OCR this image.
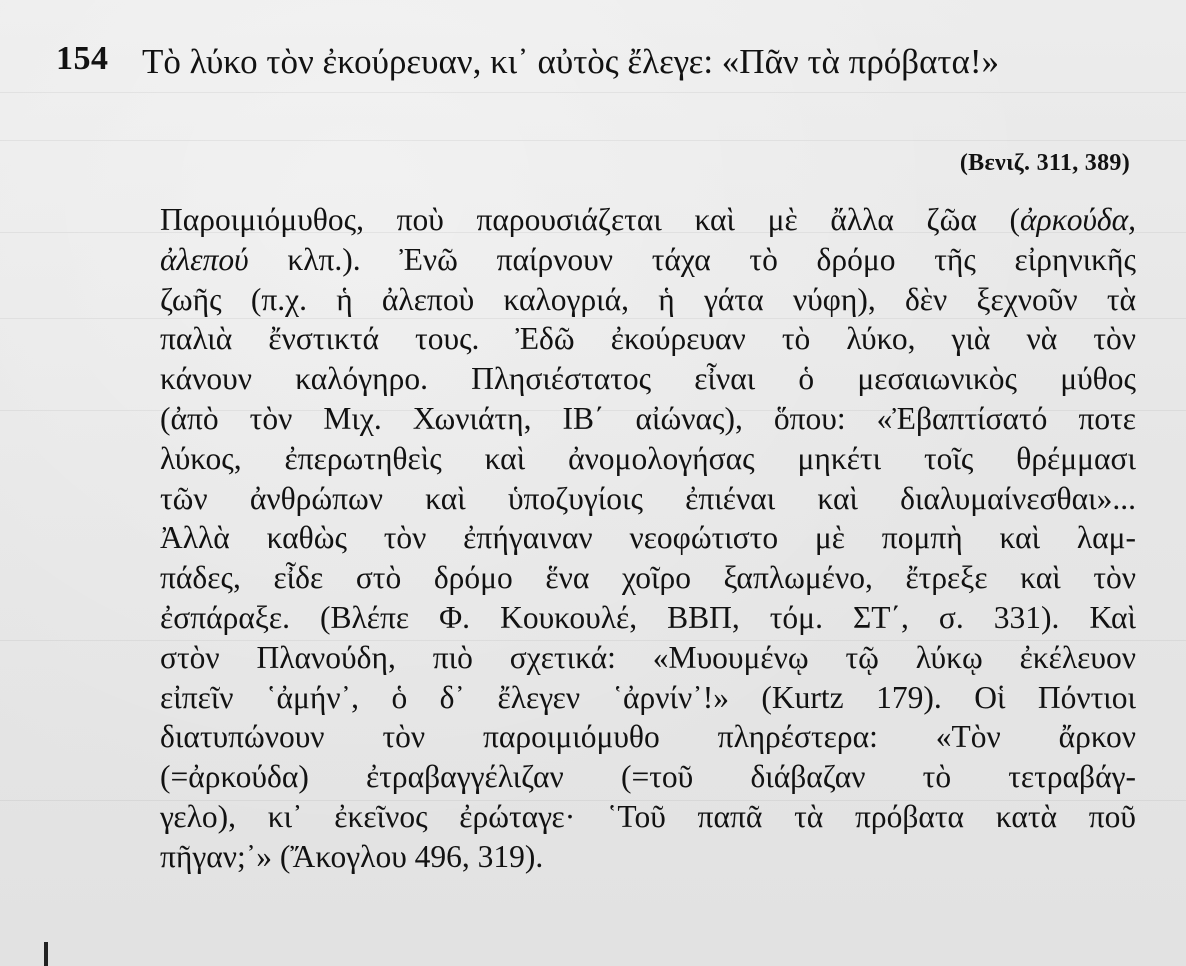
154 Τὸ λύκο τὸν ἐκούρευαν, κι᾽ αὐτὸς ἔλεγε: «Πᾶν τὰ πρόβατα!»
(Βενιζ. 311, 389)
Παροιμιόμυθος, ποὺ παρουσιάζεται καὶ μὲ ἄλλα ζῶα (ἀρκούδα,
ἀλεπού κλπ.). Ἐνῶ παίρνουν τάχα τὸ δρόμο τῆς εἰρηνικῆς
ζωῆς (π.χ. ἡ ἀλεποὺ καλογριά, ἡ γάτα νύφη), δὲν ξεχνοῦν τὰ
παλιὰ ἔνστικτά τους. Ἐδῶ ἐκούρευαν τὸ λύκο, γιὰ νὰ τὸν
κάνουν καλόγηρο. Πλησιέστατος εἶναι ὁ μεσαιωνικὸς μύθος
(ἀπὸ τὸν Μιχ. Χωνιάτη, ΙΒ΄ αἰώνας), ὅπου: «Ἐβαπτίσατό ποτε
λύκος, ἐπερωτηθεὶς καὶ ἀνομολογήσας μηκέτι τοῖς θρέμμασι
τῶν ἀνθρώπων καὶ ὑποζυγίοις ἐπιέναι καὶ διαλυμαίνεσθαι»...
Ἀλλὰ καθὼς τὸν ἐπήγαιναν νεοφώτιστο μὲ πομπὴ καὶ λαμ-
πάδες, εἶδε στὸ δρόμο ἕνα χοῖρο ξαπλωμένο, ἔτρεξε καὶ τὸν
ἐσπάραξε. (Βλέπε Φ. Κουκουλέ, ΒΒΠ, τόμ. ΣΤ΄, σ. 331). Καὶ
στὸν Πλανούδη, πιὸ σχετικά: «Μυουμένῳ τῷ λύκῳ ἐκέλευον
εἰπεῖν ῾ἀμήν᾽, ὁ δ᾽ ἔλεγεν ῾ἀρνίν᾽!» (Kurtz 179). Οἱ Πόντιοι
διατυπώνουν τὸν παροιμιόμυθο πληρέστερα: «Τὸν ἄρκον
(=ἀρκούδα) ἐτραβαγγέλιζαν (=τοῦ διάβαζαν τὸ τετραβάγ-
γελο), κι᾽ ἐκεῖνος ἐρώταγε· ῾Τοῦ παπᾶ τὰ πρόβατα κατὰ ποῦ
πῆγαν;᾽» (Ἄκογλου 496, 319).
